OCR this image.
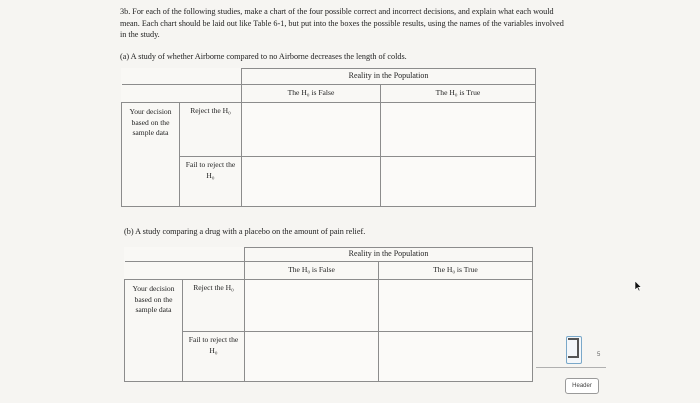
3b. For each of the following studies, make a chart of the four possible correct and incorrect decisions, and explain what each would mean. Each chart should be laid out like Table 6-1, but put into the boxes the possible results, using the names of the variables involved in the study.
(a) A study of whether Airborne compared to no Airborne decreases the length of colds.
		Reality in the Population	
		The H₀ is False	The H₀ is True
Your decision based on the sample data	Reject the H₀		
	Fail to reject the H₀		
(b) A study comparing a drug with a placebo on the amount of pain relief.
		Reality in the Population	
		The H₀ is False	The H₀ is True
Your decision based on the sample data	Reject the H₀		
	Fail to reject the H₀		
5
Header
